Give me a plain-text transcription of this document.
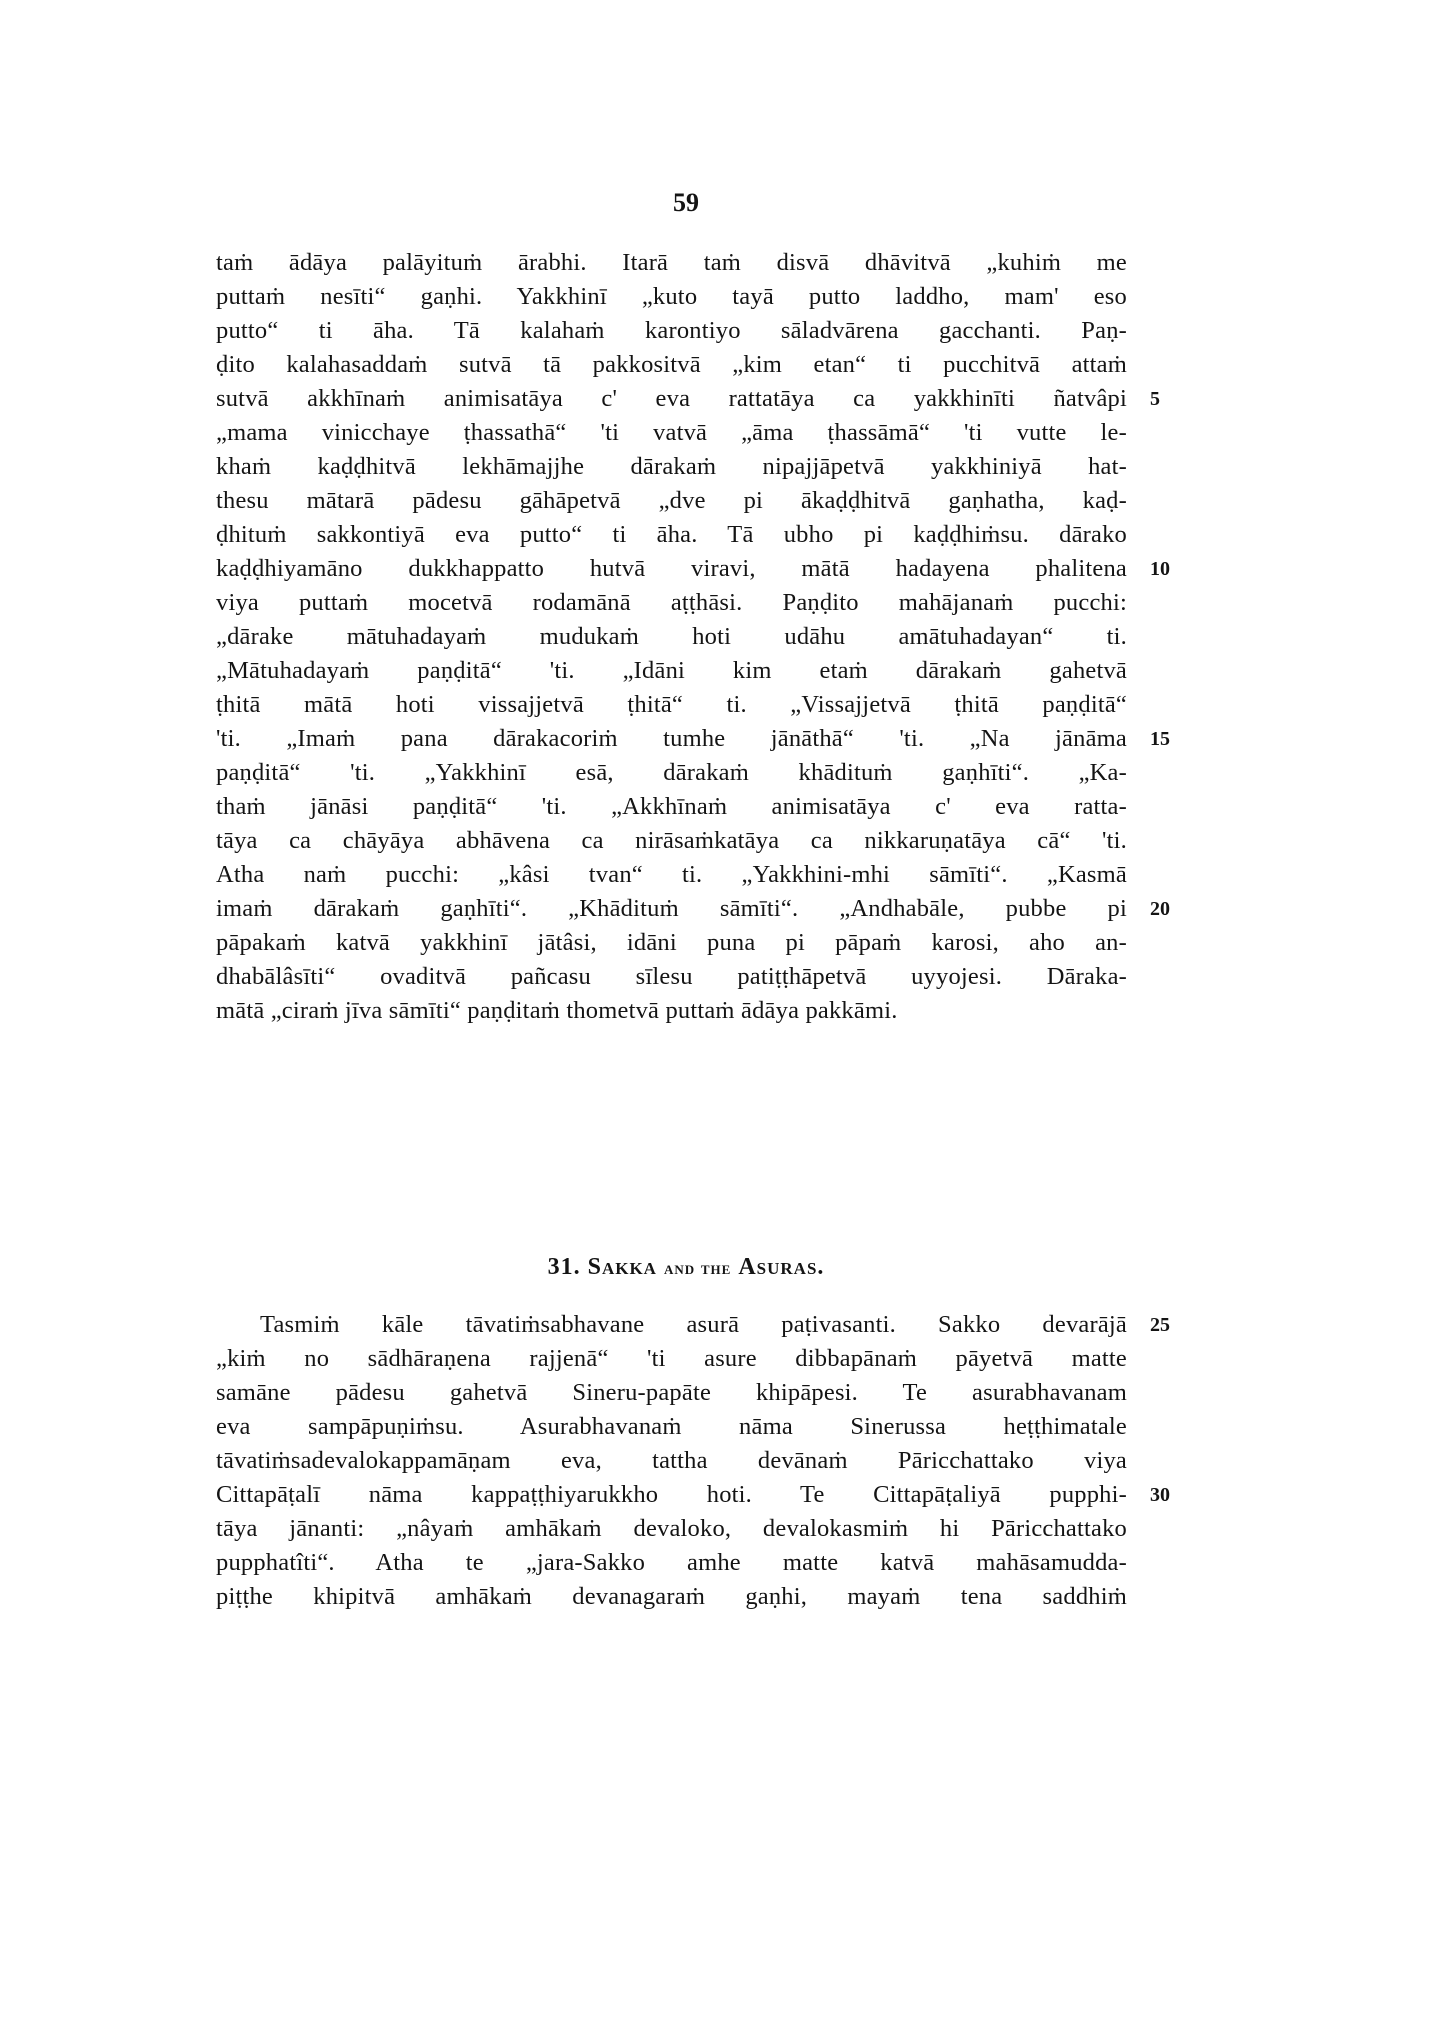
59
taṁ ādāya palāyituṁ ārabhi. Itarā taṁ disvā dhāvitvā „kuhiṁ me
puttaṁ nesīti“ gaṇhi. Yakkhinī „kuto tayā putto laddho, mam' eso
putto“ ti āha. Tā kalahaṁ karontiyo sāladvārena gacchanti. Paṇ-
ḍito kalahasaddaṁ sutvā tā pakkositvā „kim etan“ ti pucchitvā attaṁ
sutvā akkhīnaṁ animisatāya c' eva rattatāya ca yakkhinīti ñatvâpi
„mama vinicchaye ṭhassathā“ 'ti vatvā „āma ṭhassāmā“ 'ti vutte le-
khaṁ kaḍḍhitvā lekhāmajjhe dārakaṁ nipajjāpetvā yakkhiniyā hat-
thesu mātarā pādesu gāhāpetvā „dve pi ākaḍḍhitvā gaṇhatha, kaḍ-
ḍhituṁ sakkontiyā eva putto“ ti āha. Tā ubho pi kaḍḍhiṁsu. dārako
kaḍḍhiyamāno dukkhappatto hutvā viravi, mātā hadayena phalitena
viya puttaṁ mocetvā rodamānā aṭṭhāsi. Paṇḍito mahājanaṁ pucchi:
„dārake mātuhadayaṁ mudukaṁ hoti udāhu amātuhadayan“ ti.
„Mātuhadayaṁ paṇḍitā“ 'ti. „Idāni kim etaṁ dārakaṁ gahetvā
ṭhitā mātā hoti vissajjetvā ṭhitā“ ti. „Vissajjetvā ṭhitā paṇḍitā“
'ti. „Imaṁ pana dārakacoriṁ tumhe jānāthā“ 'ti. „Na jānāma
paṇḍitā“ 'ti. „Yakkhinī esā, dārakaṁ khādituṁ gaṇhīti“. „Ka-
thaṁ jānāsi paṇḍitā“ 'ti. „Akkhīnaṁ animisatāya c' eva ratta-
tāya ca chāyāya abhāvena ca nirāsaṁkatāya ca nikkaruṇatāya cā“ 'ti.
Atha naṁ pucchi: „kâsi tvan“ ti. „Yakkhini-mhi sāmīti“. „Kasmā
imaṁ dārakaṁ gaṇhīti“. „Khādituṁ sāmīti“. „Andhabāle, pubbe pi
pāpakaṁ katvā yakkhinī jātâsi, idāni puna pi pāpaṁ karosi, aho an-
dhabālâsīti“ ovaditvā pañcasu sīlesu patiṭṭhāpetvā uyyojesi. Dāraka-
mātā „ciraṁ jīva sāmīti“ paṇḍitaṁ thometvā puttaṁ ādāya pakkāmi.
5
10
15
20
31. Sakka and the Asuras.
Tasmiṁ kāle tāvatiṁsabhavane asurā paṭivasanti. Sakko devarājā
„kiṁ no sādhāraṇena rajjenā“ 'ti asure dibbapānaṁ pāyetvā matte
samāne pādesu gahetvā Sineru-papāte khipāpesi. Te asurabhavanam
eva sampāpuṇiṁsu. Asurabhavanaṁ nāma Sinerussa heṭṭhimatale
tāvatiṁsadevalokappamāṇam eva, tattha devānaṁ Pāricchattako viya
Cittapāṭalī nāma kappaṭṭhiyarukkho hoti. Te Cittapāṭaliyā pupphi-
tāya jānanti: „nâyaṁ amhākaṁ devaloko, devalokasmiṁ hi Pāricchattako
pupphatîti“. Atha te „jara-Sakko amhe matte katvā mahāsamudda-
piṭṭhe khipitvā amhākaṁ devanagaraṁ gaṇhi, mayaṁ tena saddhiṁ
25
30
